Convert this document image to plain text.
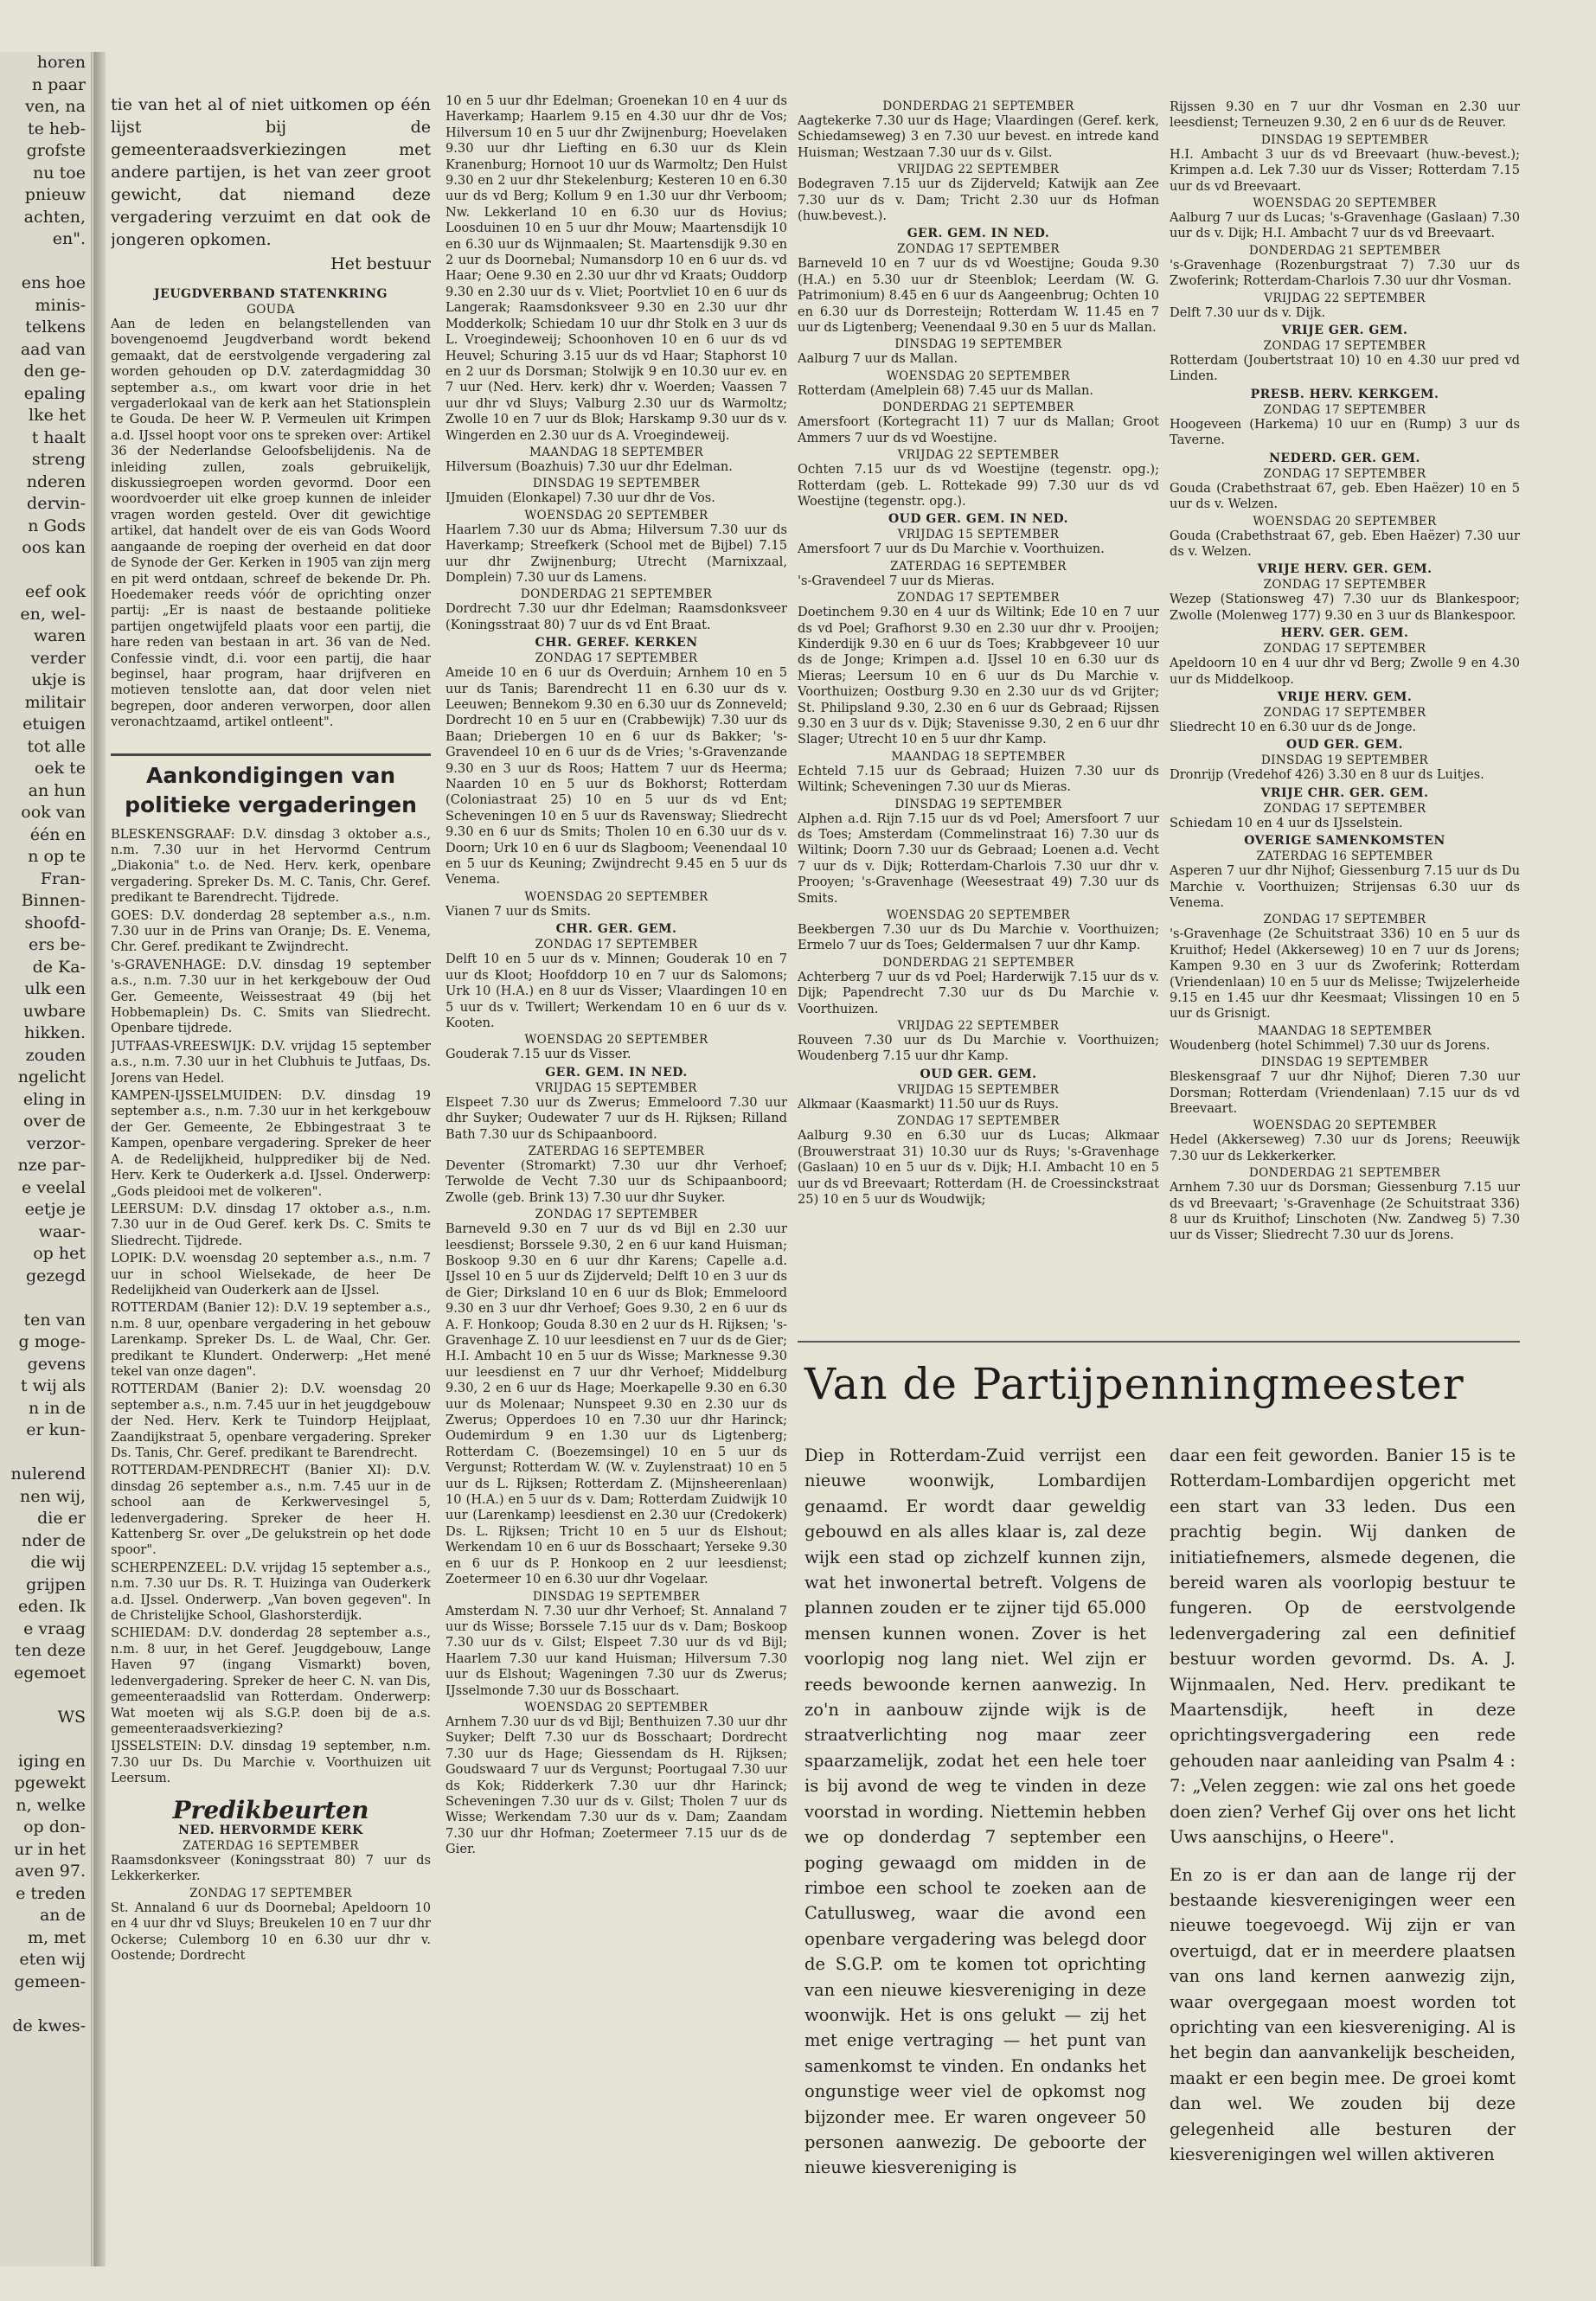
horen
n paar
ven, na
te heb-
grofste
nu toe
pnieuw
achten,
en".

ens hoe
minis-
telkens
aad van
den ge-
epaling
lke het
t haalt
streng
nderen
dervin-
n Gods
oos kan

eef ook
en, wel-
waren
verder
ukje is
militair
etuigen
tot alle
oek te
an hun
ook van
één en
n op te
Fran-
Binnen-
shoofd-
ers be-
de Ka-
ulk een
uwbare
hikken.
zouden
ngelicht
eling in
over de
verzor-
nze par-
e veelal
eetje je
waar-
op het
gezegd

ten van
g moge-
gevens
t wij als
n in de
er kun-

nulerend
nen wij,
die er
nder de
die wij
grijpen
eden. Ik
e vraag
ten deze
egemoet

WS

iging en
pgewekt
n, welke
op don-
ur in het
aven 97.
e treden
an de
m, met
eten wij
gemeen-

de kwes-

tie van het al of niet uitkomen op één lijst bij de gemeenteraadsverkiezingen met andere partijen, is het van zeer groot gewicht, dat niemand deze vergadering verzuimt en dat ook de jongeren opkomen.

Het bestuur

JEUGDVERBAND STATENKRING
GOUDA

Aan de leden en belangstellenden van bovengenoemd Jeugdverband wordt bekend gemaakt, dat de eerstvolgende vergadering zal worden gehouden op D.V. zaterdagmiddag 30 september a.s., om kwart voor drie in het vergaderlokaal van de kerk aan het Stationsplein te Gouda. De heer W. P. Vermeulen uit Krimpen a.d. IJssel hoopt voor ons te spreken over: Artikel 36 der Nederlandse Geloofsbelijdenis. Na de inleiding zullen, zoals gebruikelijk, diskussiegroepen worden gevormd. Door een woordvoerder uit elke groep kunnen de inleider vragen worden gesteld. Over dit gewichtige artikel, dat handelt over de eis van Gods Woord aangaande de roeping der overheid en dat door de Synode der Ger. Kerken in 1905 van zijn merg en pit werd ontdaan, schreef de bekende Dr. Ph. Hoedemaker reeds vóór de oprichting onzer partij: „Er is naast de bestaande politieke partijen ongetwijfeld plaats voor een partij, die hare reden van bestaan in art. 36 van de Ned. Confessie vindt, d.i. voor een partij, die haar beginsel, haar program, haar drijfveren en motieven tenslotte aan, dat door velen niet begrepen, door anderen verworpen, door allen veronachtzaamd, artikel ontleent".

Aankondigingen van politieke vergaderingen

BLESKENSGRAAF: D.V. dinsdag 3 oktober a.s., n.m. 7.30 uur in het Hervormd Centrum „Diakonia" t.o. de Ned. Herv. kerk, openbare vergadering. Spreker Ds. M. C. Tanis, Chr. Geref. predikant te Barendrecht. Tijdrede.

GOES: D.V. donderdag 28 september a.s., n.m. 7.30 uur in de Prins van Oranje; Ds. E. Venema, Chr. Geref. predikant te Zwijndrecht.

's-GRAVENHAGE: D.V. dinsdag 19 september a.s., n.m. 7.30 uur in het kerkgebouw der Oud Ger. Gemeente, Weissestraat 49 (bij het Hobbemaplein) Ds. C. Smits van Sliedrecht. Openbare tijdrede.

JUTFAAS-VREESWIJK: D.V. vrijdag 15 september a.s., n.m. 7.30 uur in het Clubhuis te Jutfaas, Ds. Jorens van Hedel.

KAMPEN-IJSSELMUIDEN: D.V. dinsdag 19 september a.s., n.m. 7.30 uur in het kerkgebouw der Ger. Gemeente, 2e Ebbingestraat 3 te Kampen, openbare vergadering. Spreker de heer A. de Redelijkheid, hulpprediker bij de Ned. Herv. Kerk te Ouderkerk a.d. IJssel. Onderwerp: „Gods pleidooi met de volkeren".

LEERSUM: D.V. dinsdag 17 oktober a.s., n.m. 7.30 uur in de Oud Geref. kerk Ds. C. Smits te Sliedrecht. Tijdrede.

LOPIK: D.V. woensdag 20 september a.s., n.m. 7 uur in school Wielsekade, de heer De Redelijkheid van Ouderkerk aan de IJssel.

ROTTERDAM (Banier 12): D.V. 19 september a.s., n.m. 8 uur, openbare vergadering in het gebouw Larenkamp. Spreker Ds. L. de Waal, Chr. Ger. predikant te Klundert. Onderwerp: „Het mené tekel van onze dagen".

ROTTERDAM (Banier 2): D.V. woensdag 20 september a.s., n.m. 7.45 uur in het jeugdgebouw der Ned. Herv. Kerk te Tuindorp Heijplaat, Zaandijkstraat 5, openbare vergadering. Spreker Ds. Tanis, Chr. Geref. predikant te Barendrecht.

ROTTERDAM-PENDRECHT (Banier XI): D.V. dinsdag 26 september a.s., n.m. 7.45 uur in de school aan de Kerkwervesingel 5, ledenvergadering. Spreker de heer H. Kattenberg Sr. over „De gelukstrein op het dode spoor".

SCHERPENZEEL: D.V. vrijdag 15 september a.s., n.m. 7.30 uur Ds. R. T. Huizinga van Ouderkerk a.d. IJssel. Onderwerp. „Van boven gegeven". In de Christelijke School, Glashorsterdijk.

SCHIEDAM: D.V. donderdag 28 september a.s., n.m. 8 uur, in het Geref. Jeugdgebouw, Lange Haven 97 (ingang Vismarkt) boven, ledenvergadering. Spreker de heer C. N. van Dis, gemeenteraadslid van Rotterdam. Onderwerp: Wat moeten wij als S.G.P. doen bij de a.s. gemeenteraadsverkiezing?

IJSSELSTEIN: D.V. dinsdag 19 september, n.m. 7.30 uur Ds. Du Marchie v. Voorthuizen uit Leersum.

Predikbeurten
NED. HERVORMDE KERK
ZATERDAG 16 SEPTEMBER

Raamsdonksveer (Koningsstraat 80) 7 uur ds Lekkerkerker.

ZONDAG 17 SEPTEMBER

St. Annaland 6 uur ds Doornebal; Apeldoorn 10 en 4 uur dhr vd Sluys; Breukelen 10 en 7 uur dhr Ockerse; Culemborg 10 en 6.30 uur dhr v. Oostende; Dordrecht

10 en 5 uur dhr Edelman; Groenekan 10 en 4 uur ds Haverkamp; Haarlem 9.15 en 4.30 uur dhr de Vos; Hilversum 10 en 5 uur dhr Zwijnenburg; Hoevelaken 9.30 uur dhr Liefting en 6.30 uur ds Klein Kranenburg; Hornoot 10 uur ds Warmoltz; Den Hulst 9.30 en 2 uur dhr Stekelenburg; Kesteren 10 en 6.30 uur ds vd Berg; Kollum 9 en 1.30 uur dhr Verboom; Nw. Lekkerland 10 en 6.30 uur ds Hovius; Loosduinen 10 en 5 uur dhr Mouw; Maartensdijk 10 en 6.30 uur ds Wijnmaalen; St. Maartensdijk 9.30 en 2 uur ds Doornebal; Numansdorp 10 en 6 uur ds. vd Haar; Oene 9.30 en 2.30 uur dhr vd Kraats; Ouddorp 9.30 en 2.30 uur ds v. Vliet; Poortvliet 10 en 6 uur ds Langerak; Raamsdonksveer 9.30 en 2.30 uur dhr Modderkolk; Schiedam 10 uur dhr Stolk en 3 uur ds L. Vroegindeweij; Schoonhoven 10 en 6 uur ds vd Heuvel; Schuring 3.15 uur ds vd Haar; Staphorst 10 en 2 uur ds Dorsman; Stolwijk 9 en 10.30 uur ev. en 7 uur (Ned. Herv. kerk) dhr v. Woerden; Vaassen 7 uur dhr vd Sluys; Valburg 2.30 uur ds Warmoltz; Zwolle 10 en 7 uur ds Blok; Harskamp 9.30 uur ds v. Wingerden en 2.30 uur ds A. Vroegindeweij.

MAANDAG 18 SEPTEMBER

Hilversum (Boazhuis) 7.30 uur dhr Edelman.

DINSDAG 19 SEPTEMBER

IJmuiden (Elonkapel) 7.30 uur dhr de Vos.

WOENSDAG 20 SEPTEMBER

Haarlem 7.30 uur ds Abma; Hilversum 7.30 uur ds Haverkamp; Streefkerk (School met de Bijbel) 7.15 uur dhr Zwijnenburg; Utrecht (Marnixzaal, Domplein) 7.30 uur ds Lamens.

DONDERDAG 21 SEPTEMBER

Dordrecht 7.30 uur dhr Edelman; Raamsdonksveer (Koningsstraat 80) 7 uur ds vd Ent Braat.

CHR. GEREF. KERKEN
ZONDAG 17 SEPTEMBER

Ameide 10 en 6 uur ds Overduin; Arnhem 10 en 5 uur ds Tanis; Barendrecht 11 en 6.30 uur ds v. Leeuwen; Bennekom 9.30 en 6.30 uur ds Zonneveld; Dordrecht 10 en 5 uur en (Crabbewijk) 7.30 uur ds Baan; Driebergen 10 en 6 uur ds Bakker; 's-Gravendeel 10 en 6 uur ds de Vries; 's-Gravenzande 9.30 en 3 uur ds Roos; Hattem 7 uur ds Heerma; Naarden 10 en 5 uur ds Bokhorst; Rotterdam (Coloniastraat 25) 10 en 5 uur ds vd Ent; Scheveningen 10 en 5 uur ds Ravensway; Sliedrecht 9.30 en 6 uur ds Smits; Tholen 10 en 6.30 uur ds v. Doorn; Urk 10 en 6 uur ds Slagboom; Veenendaal 10 en 5 uur ds Keuning; Zwijndrecht 9.45 en 5 uur ds Venema.

WOENSDAG 20 SEPTEMBER

Vianen 7 uur ds Smits.

CHR. GER. GEM.
ZONDAG 17 SEPTEMBER

Delft 10 en 5 uur ds v. Minnen; Gouderak 10 en 7 uur ds Kloot; Hoofddorp 10 en 7 uur ds Salomons; Urk 10 (H.A.) en 8 uur ds Visser; Vlaardingen 10 en 5 uur ds v. Twillert; Werkendam 10 en 6 uur ds v. Kooten.

WOENSDAG 20 SEPTEMBER

Gouderak 7.15 uur ds Visser.

GER. GEM. IN NED.
VRIJDAG 15 SEPTEMBER

Elspeet 7.30 uur ds Zwerus; Emmeloord 7.30 uur dhr Suyker; Oudewater 7 uur ds H. Rijksen; Rilland Bath 7.30 uur ds Schipaanboord.

ZATERDAG 16 SEPTEMBER

Deventer (Stromarkt) 7.30 uur dhr Verhoef; Terwolde de Vecht 7.30 uur ds Schipaanboord; Zwolle (geb. Brink 13) 7.30 uur dhr Suyker.

ZONDAG 17 SEPTEMBER

Barneveld 9.30 en 7 uur ds vd Bijl en 2.30 uur leesdienst; Borssele 9.30, 2 en 6 uur kand Huisman; Boskoop 9.30 en 6 uur dhr Karens; Capelle a.d. IJssel 10 en 5 uur ds Zijderveld; Delft 10 en 3 uur ds de Gier; Dirksland 10 en 6 uur ds Blok; Emmeloord 9.30 en 3 uur dhr Verhoef; Goes 9.30, 2 en 6 uur ds A. F. Honkoop; Gouda 8.30 en 2 uur ds H. Rijksen; 's-Gravenhage Z. 10 uur leesdienst en 7 uur ds de Gier; H.I. Ambacht 10 en 5 uur ds Wisse; Marknesse 9.30 uur leesdienst en 7 uur dhr Verhoef; Middelburg 9.30, 2 en 6 uur ds Hage; Moerkapelle 9.30 en 6.30 uur ds Molenaar; Nunspeet 9.30 en 2.30 uur ds Zwerus; Opperdoes 10 en 7.30 uur dhr Harinck; Oudemirdum 9 en 1.30 uur ds Ligtenberg; Rotterdam C. (Boezemsingel) 10 en 5 uur ds Vergunst; Rotterdam W. (W. v. Zuylenstraat) 10 en 5 uur ds L. Rijksen; Rotterdam Z. (Mijnsheerenlaan) 10 (H.A.) en 5 uur ds v. Dam; Rotterdam Zuidwijk 10 uur (Larenkamp) leesdienst en 2.30 uur (Credokerk) Ds. L. Rijksen; Tricht 10 en 5 uur ds Elshout; Werkendam 10 en 6 uur ds Bosschaart; Yerseke 9.30 en 6 uur ds P. Honkoop en 2 uur leesdienst; Zoetermeer 10 en 6.30 uur dhr Vogelaar.

DINSDAG 19 SEPTEMBER

Amsterdam N. 7.30 uur dhr Verhoef; St. Annaland 7 uur ds Wisse; Borssele 7.15 uur ds v. Dam; Boskoop 7.30 uur ds v. Gilst; Elspeet 7.30 uur ds vd Bijl; Haarlem 7.30 uur kand Huisman; Hilversum 7.30 uur ds Elshout; Wageningen 7.30 uur ds Zwerus; IJsselmonde 7.30 uur ds Bosschaart.

WOENSDAG 20 SEPTEMBER

Arnhem 7.30 uur ds vd Bijl; Benthuizen 7.30 uur dhr Suyker; Delft 7.30 uur ds Bosschaart; Dordrecht 7.30 uur ds Hage; Giessendam ds H. Rijksen; Goudswaard 7 uur ds Vergunst; Poortugaal 7.30 uur ds Kok; Ridderkerk 7.30 uur dhr Harinck; Scheveningen 7.30 uur ds v. Gilst; Tholen 7 uur ds Wisse; Werkendam 7.30 uur ds v. Dam; Zaandam 7.30 uur dhr Hofman; Zoetermeer 7.15 uur ds de Gier.

DONDERDAG 21 SEPTEMBER

Aagtekerke 7.30 uur ds Hage; Vlaardingen (Geref. kerk, Schiedamseweg) 3 en 7.30 uur bevest. en intrede kand Huisman; Westzaan 7.30 uur ds v. Gilst.

VRIJDAG 22 SEPTEMBER

Bodegraven 7.15 uur ds Zijderveld; Katwijk aan Zee 7.30 uur ds v. Dam; Tricht 2.30 uur ds Hofman (huw.bevest.).

GER. GEM. IN NED.
ZONDAG 17 SEPTEMBER

Barneveld 10 en 7 uur ds vd Woestijne; Gouda 9.30 (H.A.) en 5.30 uur dr Steenblok; Leerdam (W. G. Patrimonium) 8.45 en 6 uur ds Aangeenbrug; Ochten 10 en 6.30 uur ds Dorresteijn; Rotterdam W. 11.45 en 7 uur ds Ligtenberg; Veenendaal 9.30 en 5 uur ds Mallan.

DINSDAG 19 SEPTEMBER

Aalburg 7 uur ds Mallan.

WOENSDAG 20 SEPTEMBER

Rotterdam (Amelplein 68) 7.45 uur ds Mallan.

DONDERDAG 21 SEPTEMBER

Amersfoort (Kortegracht 11) 7 uur ds Mallan; Groot Ammers 7 uur ds vd Woestijne.

VRIJDAG 22 SEPTEMBER

Ochten 7.15 uur ds vd Woestijne (tegenstr. opg.); Rotterdam (geb. L. Rottekade 99) 7.30 uur ds vd Woestijne (tegenstr. opg.).

OUD GER. GEM. IN NED.
VRIJDAG 15 SEPTEMBER

Amersfoort 7 uur ds Du Marchie v. Voorthuizen.

ZATERDAG 16 SEPTEMBER

's-Gravendeel 7 uur ds Mieras.

ZONDAG 17 SEPTEMBER

Doetinchem 9.30 en 4 uur ds Wiltink; Ede 10 en 7 uur ds vd Poel; Grafhorst 9.30 en 2.30 uur dhr v. Prooijen; Kinderdijk 9.30 en 6 uur ds Toes; Krabbgeveer 10 uur ds de Jonge; Krimpen a.d. IJssel 10 en 6.30 uur ds Mieras; Leersum 10 en 6 uur ds Du Marchie v. Voorthuizen; Oostburg 9.30 en 2.30 uur ds vd Grijter; St. Philipsland 9.30, 2.30 en 6 uur ds Gebraad; Rijssen 9.30 en 3 uur ds v. Dijk; Stavenisse 9.30, 2 en 6 uur dhr Slager; Utrecht 10 en 5 uur dhr Kamp.

MAANDAG 18 SEPTEMBER

Echteld 7.15 uur ds Gebraad; Huizen 7.30 uur ds Wiltink; Scheveningen 7.30 uur ds Mieras.

DINSDAG 19 SEPTEMBER

Alphen a.d. Rijn 7.15 uur ds vd Poel; Amersfoort 7 uur ds Toes; Amsterdam (Commelinstraat 16) 7.30 uur ds Wiltink; Doorn 7.30 uur ds Gebraad; Loenen a.d. Vecht 7 uur ds v. Dijk; Rotterdam-Charlois 7.30 uur dhr v. Prooyen; 's-Gravenhage (Weesestraat 49) 7.30 uur ds Smits.

WOENSDAG 20 SEPTEMBER

Beekbergen 7.30 uur ds Du Marchie v. Voorthuizen; Ermelo 7 uur ds Toes; Geldermalsen 7 uur dhr Kamp.

DONDERDAG 21 SEPTEMBER

Achterberg 7 uur ds vd Poel; Harderwijk 7.15 uur ds v. Dijk; Papendrecht 7.30 uur ds Du Marchie v. Voorthuizen.

VRIJDAG 22 SEPTEMBER

Rouveen 7.30 uur ds Du Marchie v. Voorthuizen; Woudenberg 7.15 uur dhr Kamp.

OUD GER. GEM.
VRIJDAG 15 SEPTEMBER

Alkmaar (Kaasmarkt) 11.50 uur ds Ruys.

ZONDAG 17 SEPTEMBER

Aalburg 9.30 en 6.30 uur ds Lucas; Alkmaar (Brouwerstraat 31) 10.30 uur ds Ruys; 's-Gravenhage (Gaslaan) 10 en 5 uur ds v. Dijk; H.I. Ambacht 10 en 5 uur ds vd Breevaart; Rotterdam (H. de Croessinckstraat 25) 10 en 5 uur ds Woudwijk;

Rijssen 9.30 en 7 uur dhr Vosman en 2.30 uur leesdienst; Terneuzen 9.30, 2 en 6 uur ds de Reuver.

DINSDAG 19 SEPTEMBER

H.I. Ambacht 3 uur ds vd Breevaart (huw.-bevest.); Krimpen a.d. Lek 7.30 uur ds Visser; Rotterdam 7.15 uur ds vd Breevaart.

WOENSDAG 20 SEPTEMBER

Aalburg 7 uur ds Lucas; 's-Gravenhage (Gaslaan) 7.30 uur ds v. Dijk; H.I. Ambacht 7 uur ds vd Breevaart.

DONDERDAG 21 SEPTEMBER

's-Gravenhage (Rozenburgstraat 7) 7.30 uur ds Zwoferink; Rotterdam-Charlois 7.30 uur dhr Vosman.

VRIJDAG 22 SEPTEMBER

Delft 7.30 uur ds v. Dijk.

VRIJE GER. GEM.
ZONDAG 17 SEPTEMBER

Rotterdam (Joubertstraat 10) 10 en 4.30 uur pred vd Linden.

PRESB. HERV. KERKGEM.
ZONDAG 17 SEPTEMBER

Hoogeveen (Harkema) 10 uur en (Rump) 3 uur ds Taverne.

NEDERD. GER. GEM.
ZONDAG 17 SEPTEMBER

Gouda (Crabethstraat 67, geb. Eben Haëzer) 10 en 5 uur ds v. Welzen.

WOENSDAG 20 SEPTEMBER

Gouda (Crabethstraat 67, geb. Eben Haëzer) 7.30 uur ds v. Welzen.

VRIJE HERV. GER. GEM.
ZONDAG 17 SEPTEMBER

Wezep (Stationsweg 47) 7.30 uur ds Blankespoor; Zwolle (Molenweg 177) 9.30 en 3 uur ds Blankespoor.

HERV. GER. GEM.
ZONDAG 17 SEPTEMBER

Apeldoorn 10 en 4 uur dhr vd Berg; Zwolle 9 en 4.30 uur ds Middelkoop.

VRIJE HERV. GEM.
ZONDAG 17 SEPTEMBER

Sliedrecht 10 en 6.30 uur ds de Jonge.

OUD GER. GEM.
DINSDAG 19 SEPTEMBER

Dronrijp (Vredehof 426) 3.30 en 8 uur ds Luitjes.

VRIJE CHR. GER. GEM.
ZONDAG 17 SEPTEMBER

Schiedam 10 en 4 uur ds IJsselstein.

OVERIGE SAMENKOMSTEN
ZATERDAG 16 SEPTEMBER

Asperen 7 uur dhr Nijhof; Giessenburg 7.15 uur ds Du Marchie v. Voorthuizen; Strijensas 6.30 uur ds Venema.

ZONDAG 17 SEPTEMBER

's-Gravenhage (2e Schuitstraat 336) 10 en 5 uur ds Kruithof; Hedel (Akkerseweg) 10 en 7 uur ds Jorens; Kampen 9.30 en 3 uur ds Zwoferink; Rotterdam (Vriendenlaan) 10 en 5 uur ds Melisse; Twijzelerheide 9.15 en 1.45 uur dhr Keesmaat; Vlissingen 10 en 5 uur ds Grisnigt.

MAANDAG 18 SEPTEMBER

Woudenberg (hotel Schimmel) 7.30 uur ds Jorens.

DINSDAG 19 SEPTEMBER

Bleskensgraaf 7 uur dhr Nijhof; Dieren 7.30 uur Dorsman; Rotterdam (Vriendenlaan) 7.15 uur ds vd Breevaart.

WOENSDAG 20 SEPTEMBER

Hedel (Akkerseweg) 7.30 uur ds Jorens; Reeuwijk 7.30 uur ds Lekkerkerker.

DONDERDAG 21 SEPTEMBER

Arnhem 7.30 uur ds Dorsman; Giessenburg 7.15 uur ds vd Breevaart; 's-Gravenhage (2e Schuitstraat 336) 8 uur ds Kruithof; Linschoten (Nw. Zandweg 5) 7.30 uur ds Visser; Sliedrecht 7.30 uur ds Jorens.

Van de Partijpenningmeester

Diep in Rotterdam-Zuid verrijst een nieuwe woonwijk, Lombardijen genaamd. Er wordt daar geweldig gebouwd en als alles klaar is, zal deze wijk een stad op zichzelf kunnen zijn, wat het inwonertal betreft. Volgens de plannen zouden er te zijner tijd 65.000 mensen kunnen wonen. Zover is het voorlopig nog lang niet. Wel zijn er reeds bewoonde kernen aanwezig. In zo'n in aanbouw zijnde wijk is de straatverlichting nog maar zeer spaarzamelijk, zodat het een hele toer is bij avond de weg te vinden in deze voorstad in wording. Niettemin hebben we op donderdag 7 september een poging gewaagd om midden in de rimboe een school te zoeken aan de Catullusweg, waar die avond een openbare vergadering was belegd door de S.G.P. om te komen tot oprichting van een nieuwe kiesvereniging in deze woonwijk. Het is ons gelukt — zij het met enige vertraging — het punt van samenkomst te vinden. En ondanks het ongunstige weer viel de opkomst nog bijzonder mee. Er waren ongeveer 50 personen aanwezig. De geboorte der nieuwe kiesvereniging is

daar een feit geworden. Banier 15 is te Rotterdam-Lombardijen opgericht met een start van 33 leden. Dus een prachtig begin. Wij danken de initiatiefnemers, alsmede degenen, die bereid waren als voorlopig bestuur te fungeren. Op de eerstvolgende ledenvergadering zal een definitief bestuur worden gevormd. Ds. A. J. Wijnmaalen, Ned. Herv. predikant te Maartensdijk, heeft in deze oprichtingsvergadering een rede gehouden naar aanleiding van Psalm 4 : 7: „Velen zeggen: wie zal ons het goede doen zien? Verhef Gij over ons het licht Uws aanschijns, o Heere".

En zo is er dan aan de lange rij der bestaande kiesverenigingen weer een nieuwe toegevoegd. Wij zijn er van overtuigd, dat er in meerdere plaatsen van ons land kernen aanwezig zijn, waar overgegaan moest worden tot oprichting van een kiesvereniging. Al is het begin dan aanvankelijk bescheiden, maakt er een begin mee. De groei komt dan wel. We zouden bij deze gelegenheid alle besturen der kiesverenigingen wel willen aktiveren
